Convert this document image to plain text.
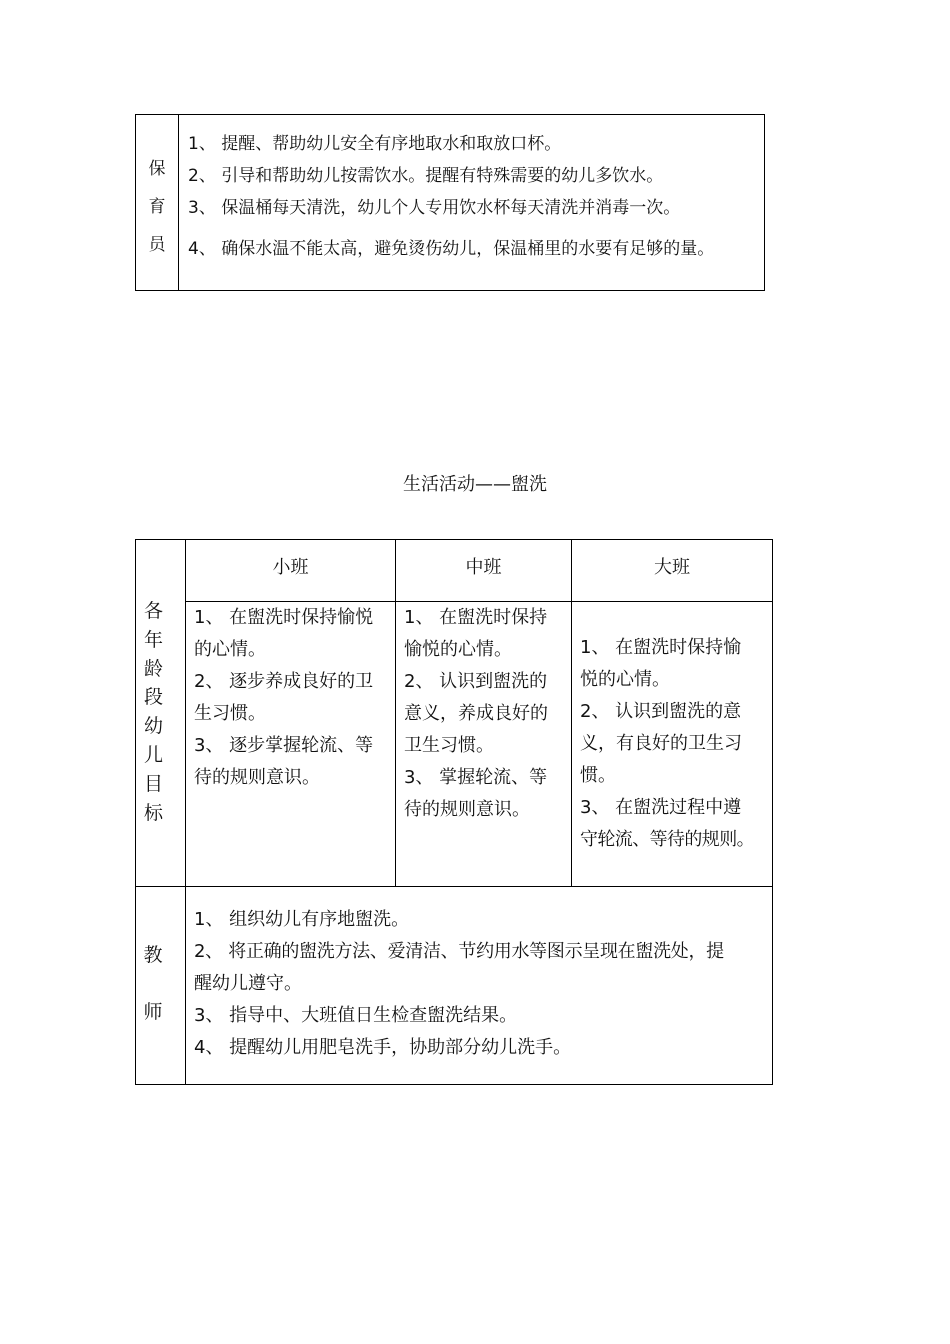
保
育
员
1、 提醒、帮助幼儿安全有序地取水和取放口杯。
2、 引导和帮助幼儿按需饮水。提醒有特殊需要的幼儿多饮水。
3、 保温桶每天清洗，幼儿个人专用饮水杯每天清洗并消毒一次。
4、 确保水温不能太高，避免烫伤幼儿，保温桶里的水要有足够的量。
生活活动——盥洗
小班	中班	大班
各
年
龄
段
幼
儿
目
标

1、 在盥洗时保持愉悦

的心情。

2、 逐步养成良好的卫

生习惯。

3、 逐步掌握轮流、等

待的规则意识。

1、 在盥洗时保持

愉悦的心情。

2、 认识到盥洗的

意义，养成良好的

卫生习惯。

3、 掌握轮流、等

待的规则意识。

1、 在盥洗时保持愉

悦的心情。

2、 认识到盥洗的意

义，有良好的卫生习

惯。

3、 在盥洗过程中遵

守轮流、等待的规则。

教
师

1、 组织幼儿有序地盥洗。

2、 将正确的盥洗方法、爱清洁、节约用水等图示呈现在盥洗处，提

醒幼儿遵守。

3、 指导中、大班值日生检查盥洗结果。

4、 提醒幼儿用肥皂洗手，协助部分幼儿洗手。
